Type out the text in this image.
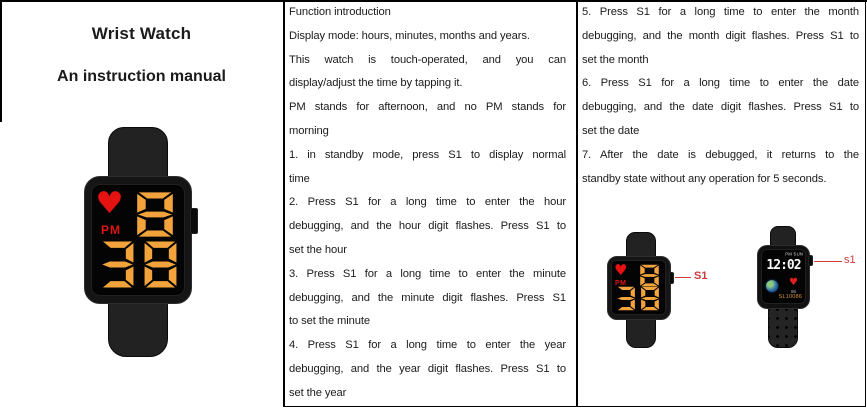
Wrist Watch
An instruction manual
♥
PM
Function introduction
Display mode: hours, minutes, months and years.
This watch is touch-operated, and you can
display/adjust the time by tapping it.
PM stands for afternoon, and no PM stands for
morning
1. in standby mode, press S1 to display normal
time
2. Press S1 for a long time to enter the hour
debugging, and the hour digit flashes. Press S1 to
set the hour
3. Press S1 for a long time to enter the minute
debugging, and the minute digit flashes. Press S1
to set the minute
4. Press S1 for a long time to enter the year
debugging, and the year digit flashes. Press S1 to
set the year
5. Press S1 for a long time to enter the month
debugging, and the month digit flashes. Press S1 to
set the month
6. Press S1 for a long time to enter the date
debugging, and the date digit flashes. Press S1 to
set the date
7. After the date is debugged, it returns to the
standby state without any operation for 5 seconds.
♥
PM
S1
PM SUN
12:02
♥
86
SL10086
s1
